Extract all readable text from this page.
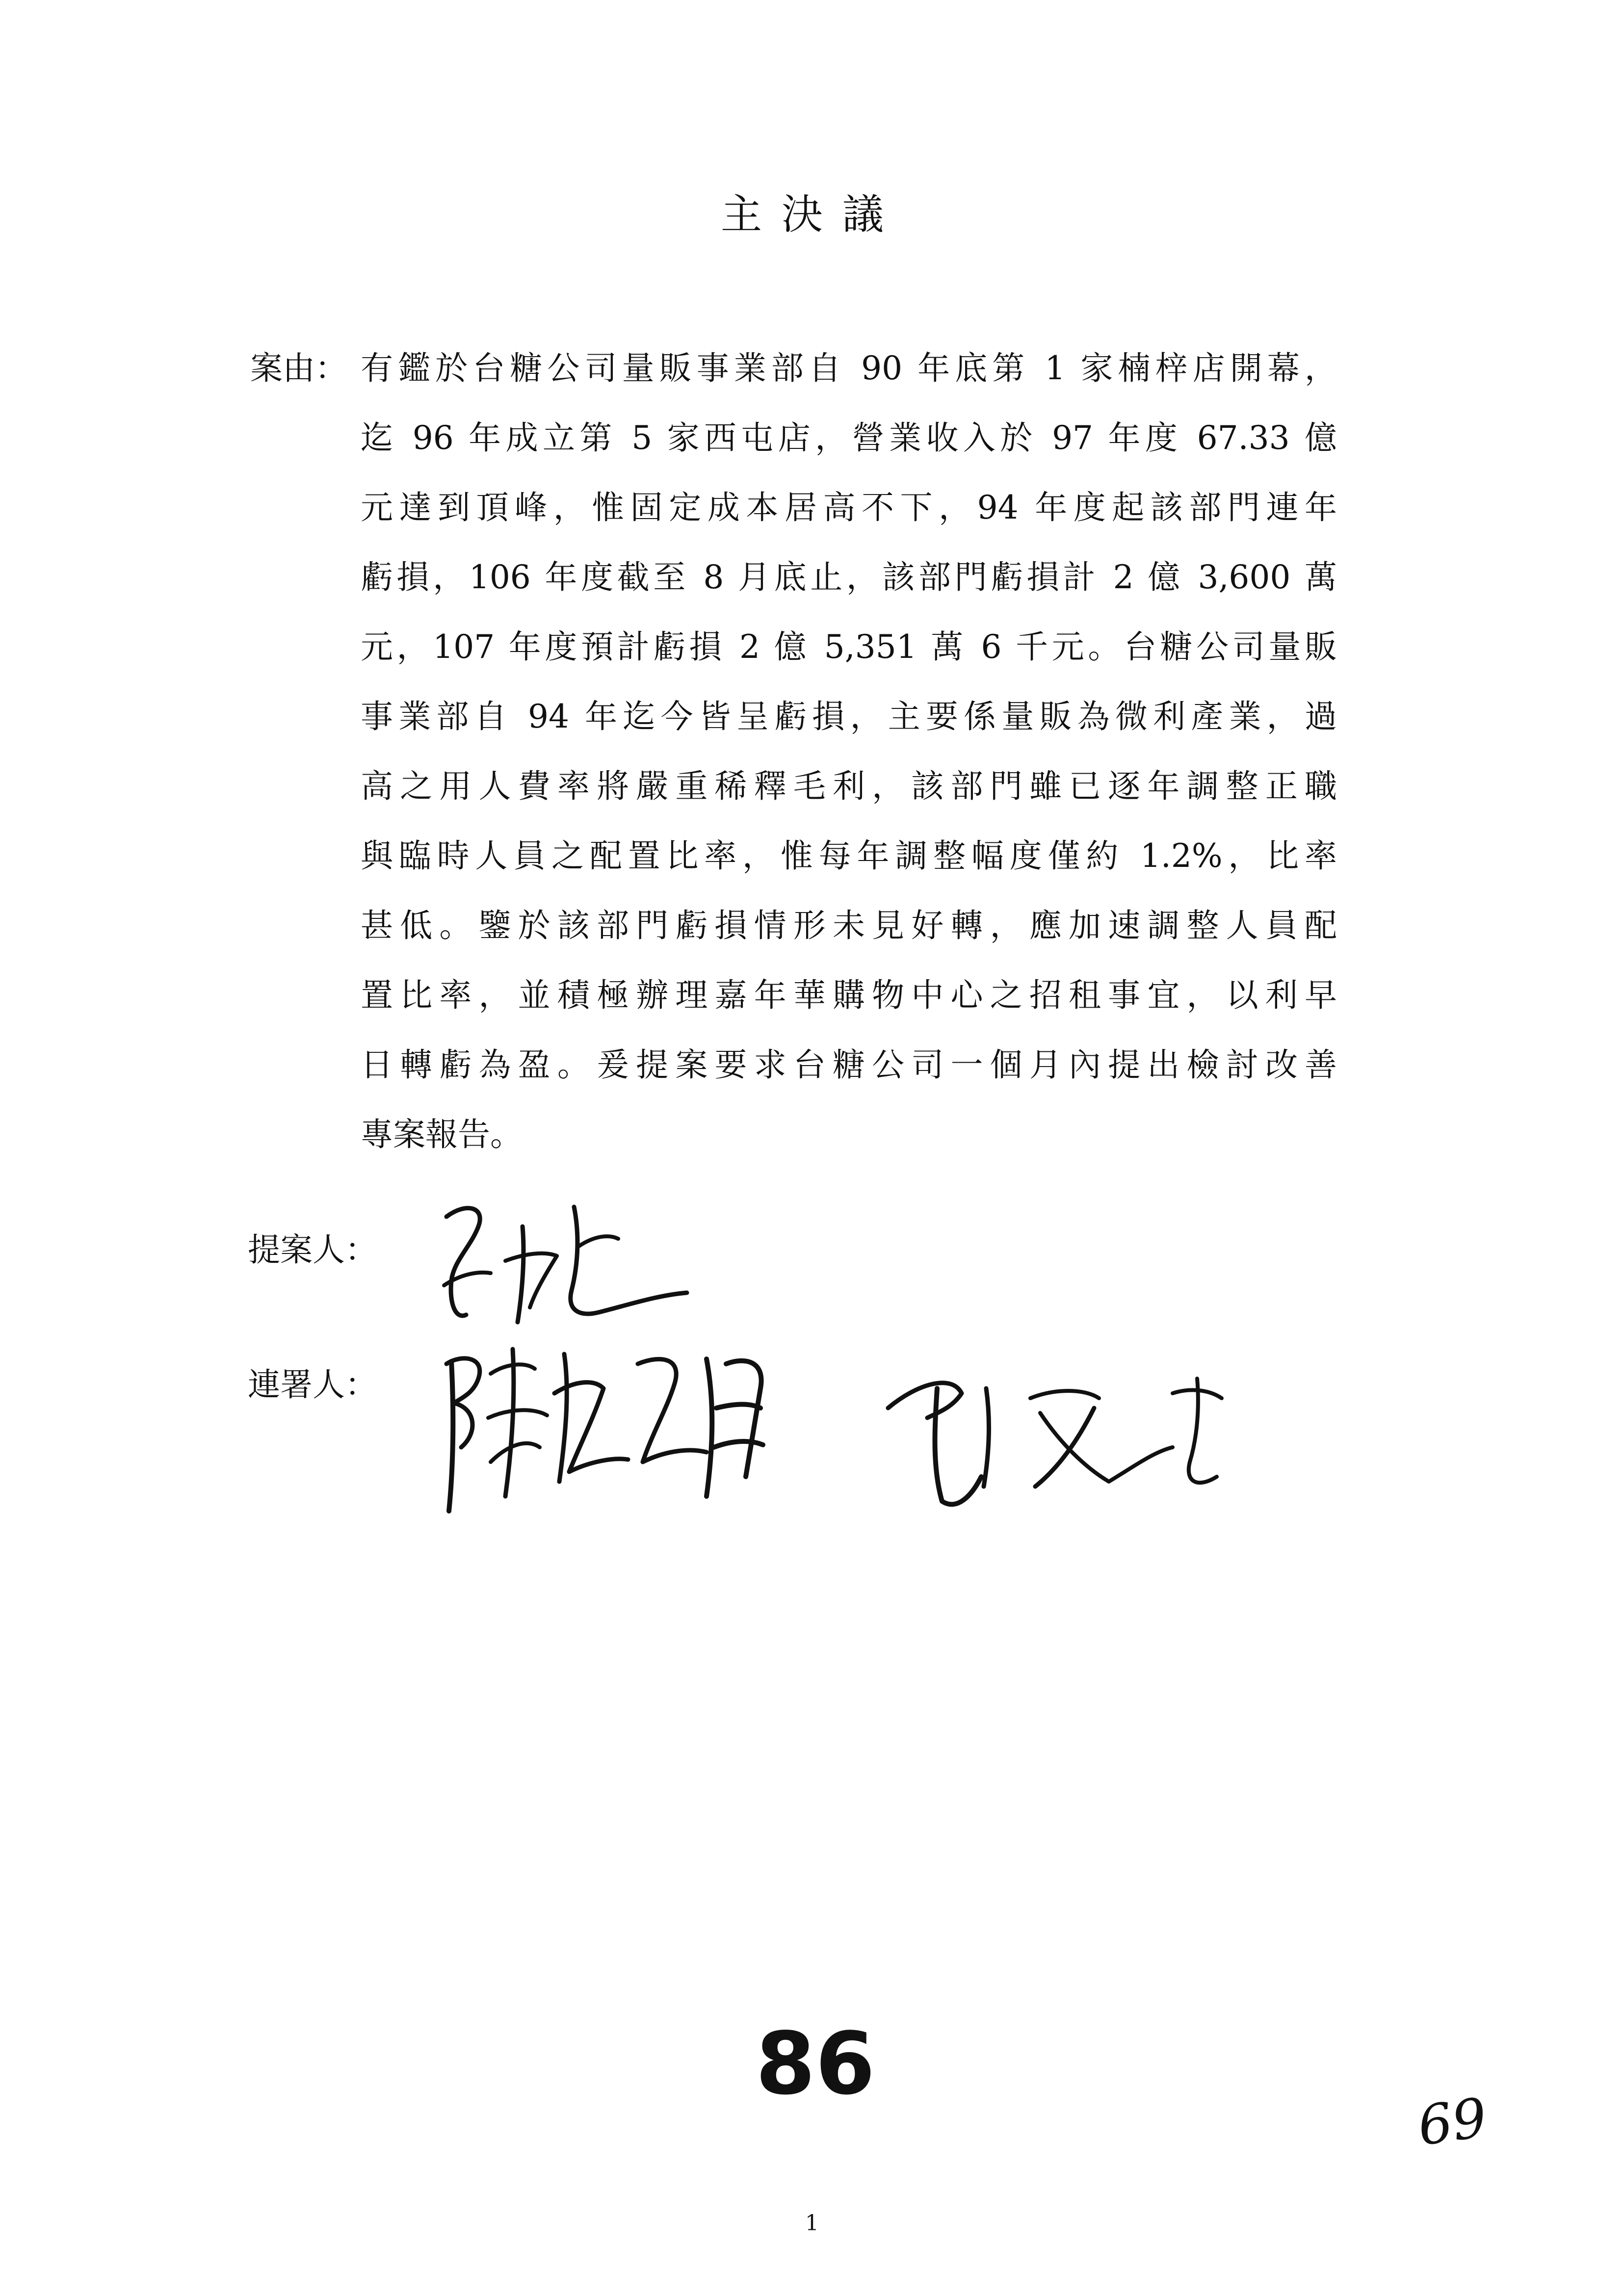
主決議
案由： 有鑑於台糖公司量販事業部自 90 年底第 1 家楠梓店開幕，
迄 96 年成立第 5 家西屯店，營業收入於 97 年度 67.33 億
元達到頂峰，惟固定成本居高不下，94 年度起該部門連年
虧損，106 年度截至 8 月底止，該部門虧損計 2 億 3,600 萬
元，107 年度預計虧損 2 億 5,351 萬 6 千元。台糖公司量販
事業部自 94 年迄今皆呈虧損，主要係量販為微利產業，過
高之用人費率將嚴重稀釋毛利，該部門雖已逐年調整正職
與臨時人員之配置比率，惟每年調整幅度僅約 1.2%，比率
甚低。鑒於該部門虧損情形未見好轉，應加速調整人員配
置比率，並積極辦理嘉年華購物中心之招租事宜，以利早
日轉虧為盈。爰提案要求台糖公司一個月內提出檢討改善
專案報告。
提案人：
連署人：
86
69
1
